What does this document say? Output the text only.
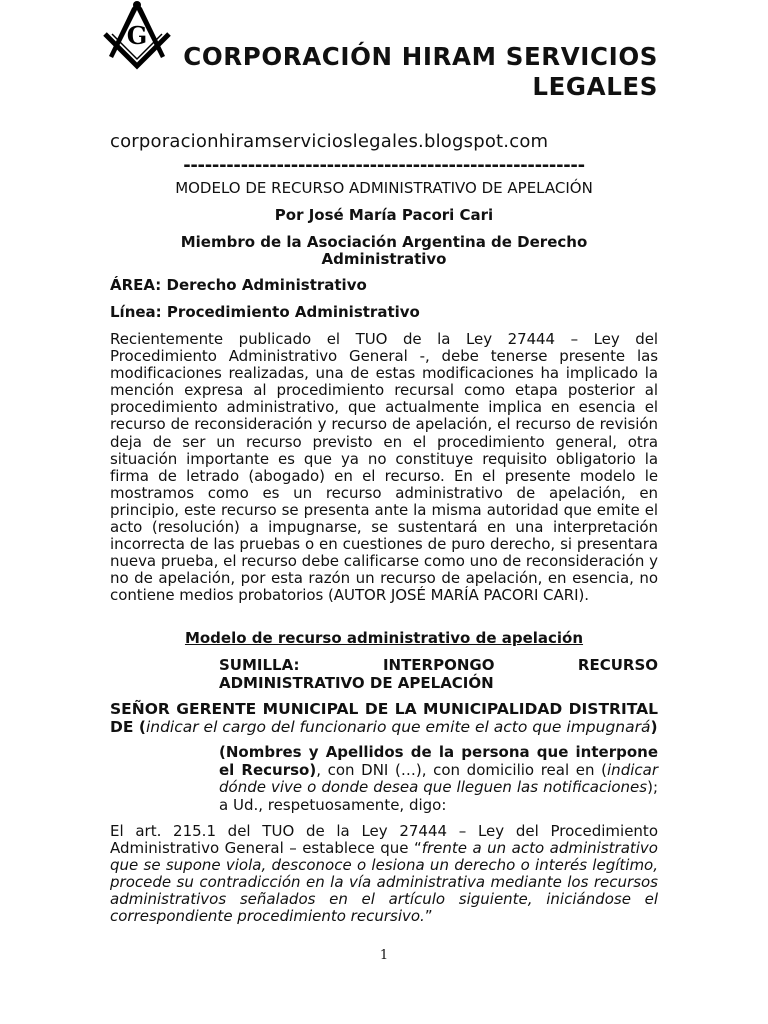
G
CORPORACIÓN HIRAM SERVICIOS LEGALES
corporacionhiramservicioslegales.blogspot.com
--------------------------------------------------------
MODELO DE RECURSO ADMINISTRATIVO DE APELACIÓN
Por José María Pacori Cari
Miembro de la Asociación Argentina de Derecho Administrativo
ÁREA: Derecho Administrativo
Línea: Procedimiento Administrativo
Recientemente publicado el TUO de la Ley 27444 – Ley del Procedimiento Administrativo General -, debe tenerse presente las modificaciones realizadas, una de estas modificaciones ha implicado la mención expresa al procedimiento recursal como etapa posterior al procedimiento administrativo, que actualmente implica en esencia el recurso de reconsideración y recurso de apelación, el recurso de revisión deja de ser un recurso previsto en el procedimiento general, otra situación importante es que ya no constituye requisito obligatorio la firma de letrado (abogado) en el recurso. En el presente modelo le mostramos como es un recurso administrativo de apelación, en principio, este recurso se presenta ante la misma autoridad que emite el acto (resolución) a impugnarse, se sustentará en una interpretación incorrecta de las pruebas o en cuestiones de puro derecho, si presentara nueva prueba, el recurso debe calificarse como uno de reconsideración y no de apelación, por esta razón un recurso de apelación, en esencia, no contiene medios probatorios (AUTOR JOSÉ MARÍA PACORI CARI).
Modelo de recurso administrativo de apelación
SUMILLA:	INTERPONGO	RECURSO
ADMINISTRATIVO DE APELACIÓN
SEÑOR GERENTE MUNICIPAL DE LA MUNICIPALIDAD DISTRITAL DE (indicar el cargo del funcionario que emite el acto que impugnará)
(Nombres y Apellidos de la persona que interpone el Recurso), con DNI (…), con domicilio real en (indicar dónde vive o donde desea que lleguen las notificaciones); a Ud., respetuosamente, digo:
El art. 215.1 del TUO de la Ley 27444 – Ley del Procedimiento Administrativo General – establece que “frente a un acto administrativo que se supone viola, desconoce o lesiona un derecho o interés legítimo, procede su contradicción en la vía administrativa mediante los recursos administrativos señalados en el artículo siguiente, iniciándose el correspondiente procedimiento recursivo.”
1
